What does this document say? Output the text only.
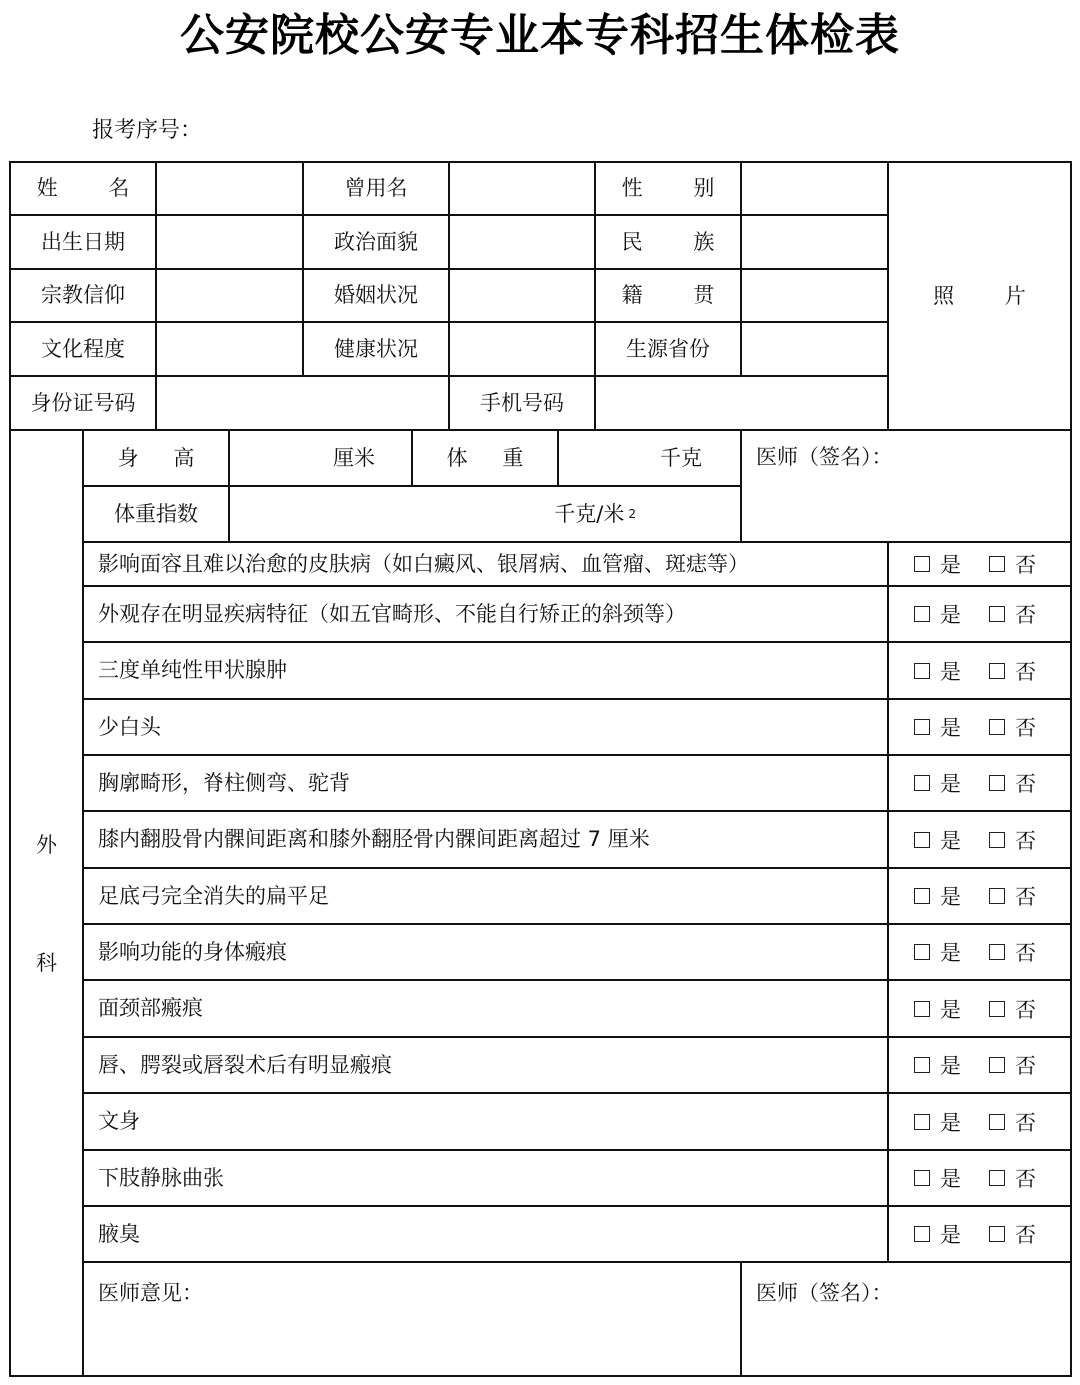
公安院校公安专业本专科招生体检表
报考序号：
姓 名	曾用名	性 别
出生日期	政治面貌	民 族
宗教信仰	婚姻状况	籍 贯
文化程度	健康状况	生源省份
身份证号码	手机号码
照 片
外
科
身 高	厘米	体 重	千克	医师（签名）：
体重指数	千克/米 2
影响面容且难以治愈的皮肤病（如白癜风、银屑病、血管瘤、斑痣等）	是	否
外观存在明显疾病特征（如五官畸形、不能自行矫正的斜颈等）	是	否
三度单纯性甲状腺肿	是	否
少白头	是	否
胸廓畸形，脊柱侧弯、驼背	是	否
膝内翻股骨内髁间距离和膝外翻胫骨内髁间距离超过 7 厘米	是	否
足底弓完全消失的扁平足	是	否
影响功能的身体瘢痕	是	否
面颈部瘢痕	是	否
唇、腭裂或唇裂术后有明显瘢痕	是	否
文身	是	否
下肢静脉曲张	是	否
腋臭	是	否
医师意见：	医师（签名）：
